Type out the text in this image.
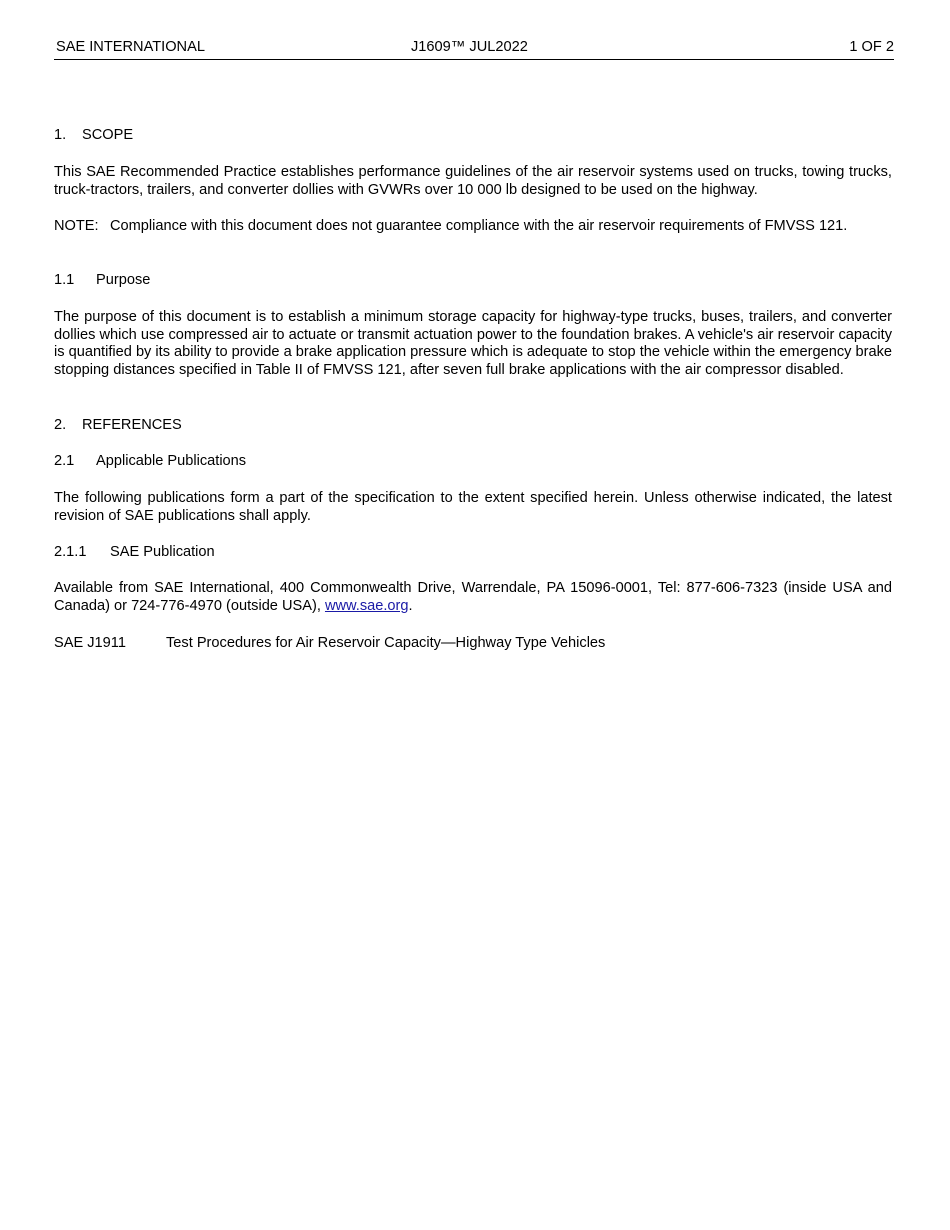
SAE INTERNATIONAL	J1609™ JUL2022	1 OF 2
1. SCOPE
This SAE Recommended Practice establishes performance guidelines of the air reservoir systems used on trucks, towing trucks, truck-tractors, trailers, and converter dollies with GVWRs over 10 000 lb designed to be used on the highway.
NOTE: Compliance with this document does not guarantee compliance with the air reservoir requirements of FMVSS 121.
1.1 Purpose
The purpose of this document is to establish a minimum storage capacity for highway-type trucks, buses, trailers, and converter dollies which use compressed air to actuate or transmit actuation power to the foundation brakes. A vehicle's air reservoir capacity is quantified by its ability to provide a brake application pressure which is adequate to stop the vehicle within the emergency brake stopping distances specified in Table II of FMVSS 121, after seven full brake applications with the air compressor disabled.
2. REFERENCES
2.1 Applicable Publications
The following publications form a part of the specification to the extent specified herein. Unless otherwise indicated, the latest revision of SAE publications shall apply.
2.1.1 SAE Publication
Available from SAE International, 400 Commonwealth Drive, Warrendale, PA 15096-0001, Tel: 877-606-7323 (inside USA and Canada) or 724-776-4970 (outside USA), www.sae.org.
SAE J1911	Test Procedures for Air Reservoir Capacity—Highway Type Vehicles
